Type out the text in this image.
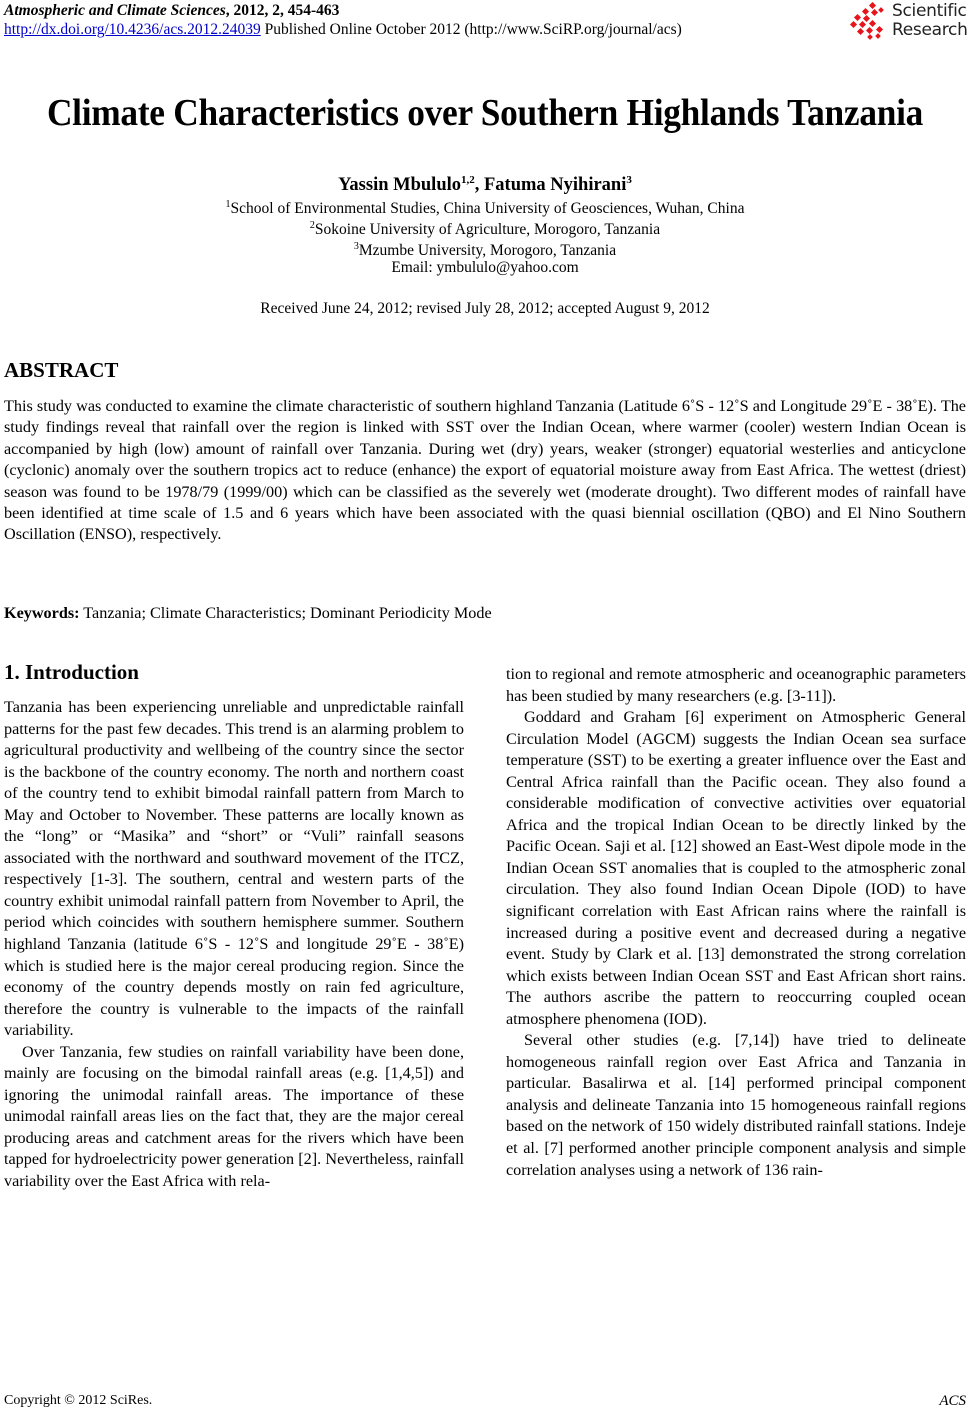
Atmospheric and Climate Sciences, 2012, 2, 454-463
http://dx.doi.org/10.4236/acs.2012.24039 Published Online October 2012 (http://www.SciRP.org/journal/acs)
Scientific
Research
Climate Characteristics over Southern Highlands Tanzania
Yassin Mbululo$^{1,2}$, Fatuma Nyihirani$^3$
$^1$School of Environmental Studies, China University of Geosciences, Wuhan, China
$^2$Sokoine University of Agriculture, Morogoro, Tanzania
$^3$Mzumbe University, Morogoro, Tanzania
Email: ymbululo@yahoo.com
Received June 24, 2012; revised July 28, 2012; accepted August 9, 2012
ABSTRACT

This study was conducted to examine the climate characteristic of southern highland Tanzania (Latitude 6˚S - 12˚S and Longitude 29˚E - 38˚E). The study findings reveal that rainfall over the region is linked with SST over the Indian Ocean, where warmer (cooler) western Indian Ocean is accompanied by high (low) amount of rainfall over Tanzania. During wet (dry) years, weaker (stronger) equatorial westerlies and anticyclone (cyclonic) anomaly over the southern tropics act to reduce (enhance) the export of equatorial moisture away from East Africa. The wettest (driest) season was found to be 1978/79 (1999/00) which can be classified as the severely wet (moderate drought). Two different modes of rainfall have been identified at time scale of 1.5 and 6 years which have been associated with the quasi biennial oscillation (QBO) and El Nino Southern Oscillation (ENSO), respectively.

Keywords: Tanzania; Climate Characteristics; Dominant Periodicity Mode
1. Introduction

Tanzania has been experiencing unreliable and unpredictable rainfall patterns for the past few decades. This trend is an alarming problem to agricultural productivity and wellbeing of the country since the sector is the backbone of the country economy. The north and northern coast of the country tend to exhibit bimodal rainfall pattern from March to May and October to November. These patterns are locally known as the “long” or “Masika” and “short” or “Vuli” rainfall seasons associated with the northward and southward movement of the ITCZ, respectively [1-3]. The southern, central and western parts of the country exhibit unimodal rainfall pattern from November to April, the period which coincides with southern hemisphere summer. Southern highland Tanzania (latitude 6˚S - 12˚S and longitude 29˚E - 38˚E) which is studied here is the major cereal producing region. Since the economy of the country depends mostly on rain fed agriculture, therefore the country is vulnerable to the impacts of the rainfall variability.

Over Tanzania, few studies on rainfall variability have been done, mainly are focusing on the bimodal rainfall areas (e.g. [1,4,5]) and ignoring the unimodal rainfall areas. The importance of these unimodal rainfall areas lies on the fact that, they are the major cereal producing areas and catchment areas for the rivers which have been tapped for hydroelectricity power generation [2]. Nevertheless, rainfall variability over the East Africa with rela-

tion to regional and remote atmospheric and oceanographic parameters has been studied by many researchers (e.g. [3-11]).

Goddard and Graham [6] experiment on Atmospheric General Circulation Model (AGCM) suggests the Indian Ocean sea surface temperature (SST) to be exerting a greater influence over the East and Central Africa rainfall than the Pacific ocean. They also found a considerable modification of convective activities over equatorial Africa and the tropical Indian Ocean to be directly linked by the Pacific Ocean. Saji et al. [12] showed an East-West dipole mode in the Indian Ocean SST anomalies that is coupled to the atmospheric zonal circulation. They also found Indian Ocean Dipole (IOD) to have significant correlation with East African rains where the rainfall is increased during a positive event and decreased during a negative event. Study by Clark et al. [13] demonstrated the strong correlation which exists between Indian Ocean SST and East African short rains. The authors ascribe the pattern to reoccurring coupled ocean atmosphere phenomena (IOD).

Several other studies (e.g. [7,14]) have tried to delineate homogeneous rainfall region over East Africa and Tanzania in particular. Basalirwa et al. [14] performed principal component analysis and delineate Tanzania into 15 homogeneous rainfall regions based on the network of 150 widely distributed rainfall stations. Indeje et al. [7] performed another principle component analysis and simple correlation analyses using a network of 136 rain-

Copyright © 2012 SciRes.	ACS
